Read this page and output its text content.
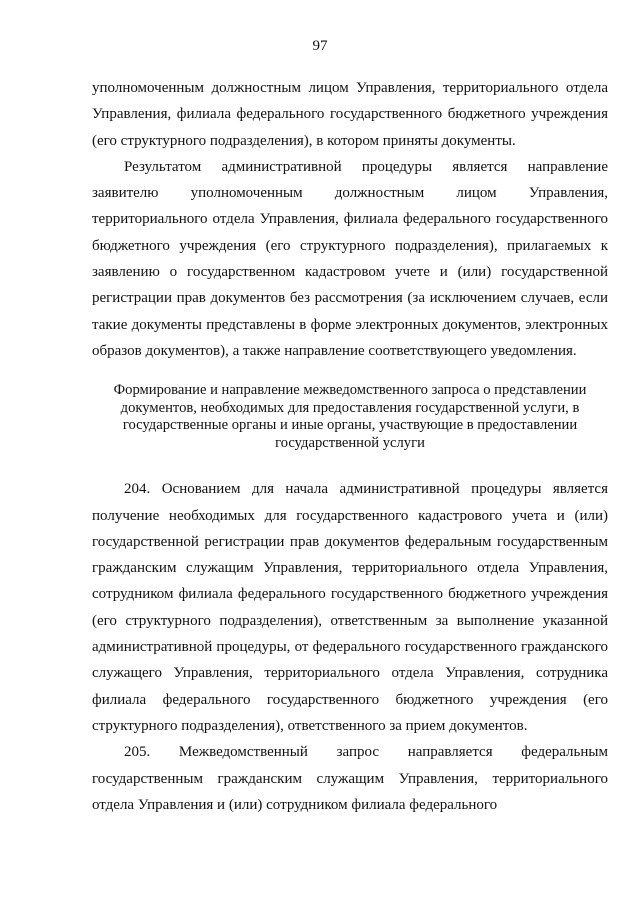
97

уполномоченным должностным лицом Управления, территориального отдела Управления, филиала федерального государственного бюджетного учреждения (его структурного подразделения), в котором приняты документы.

Результатом административной процедуры является направление заявителю уполномоченным должностным лицом Управления, территориального отдела Управления, филиала федерального государственного бюджетного учреждения (его структурного подразделения), прилагаемых к заявлению о государственном кадастровом учете и (или) государственной регистрации прав документов без рассмотрения (за исключением случаев, если такие документы представлены в форме электронных документов, электронных образов документов), а также направление соответствующего уведомления.

Формирование и направление межведомственного запроса о представлении документов, необходимых для предоставления государственной услуги, в государственные органы и иные органы, участвующие в предоставлении государственной услуги

204. Основанием для начала административной процедуры является получение необходимых для государственного кадастрового учета и (или) государственной регистрации прав документов федеральным государственным гражданским служащим Управления, территориального отдела Управления, сотрудником филиала федерального государственного бюджетного учреждения (его структурного подразделения), ответственным за выполнение указанной административной процедуры, от федерального государственного гражданского служащего Управления, территориального отдела Управления, сотрудника филиала федерального государственного бюджетного учреждения (его структурного подразделения), ответственного за прием документов.

205. Межведомственный запрос направляется федеральным государственным гражданским служащим Управления, территориального отдела Управления и (или) сотрудником филиала федерального
